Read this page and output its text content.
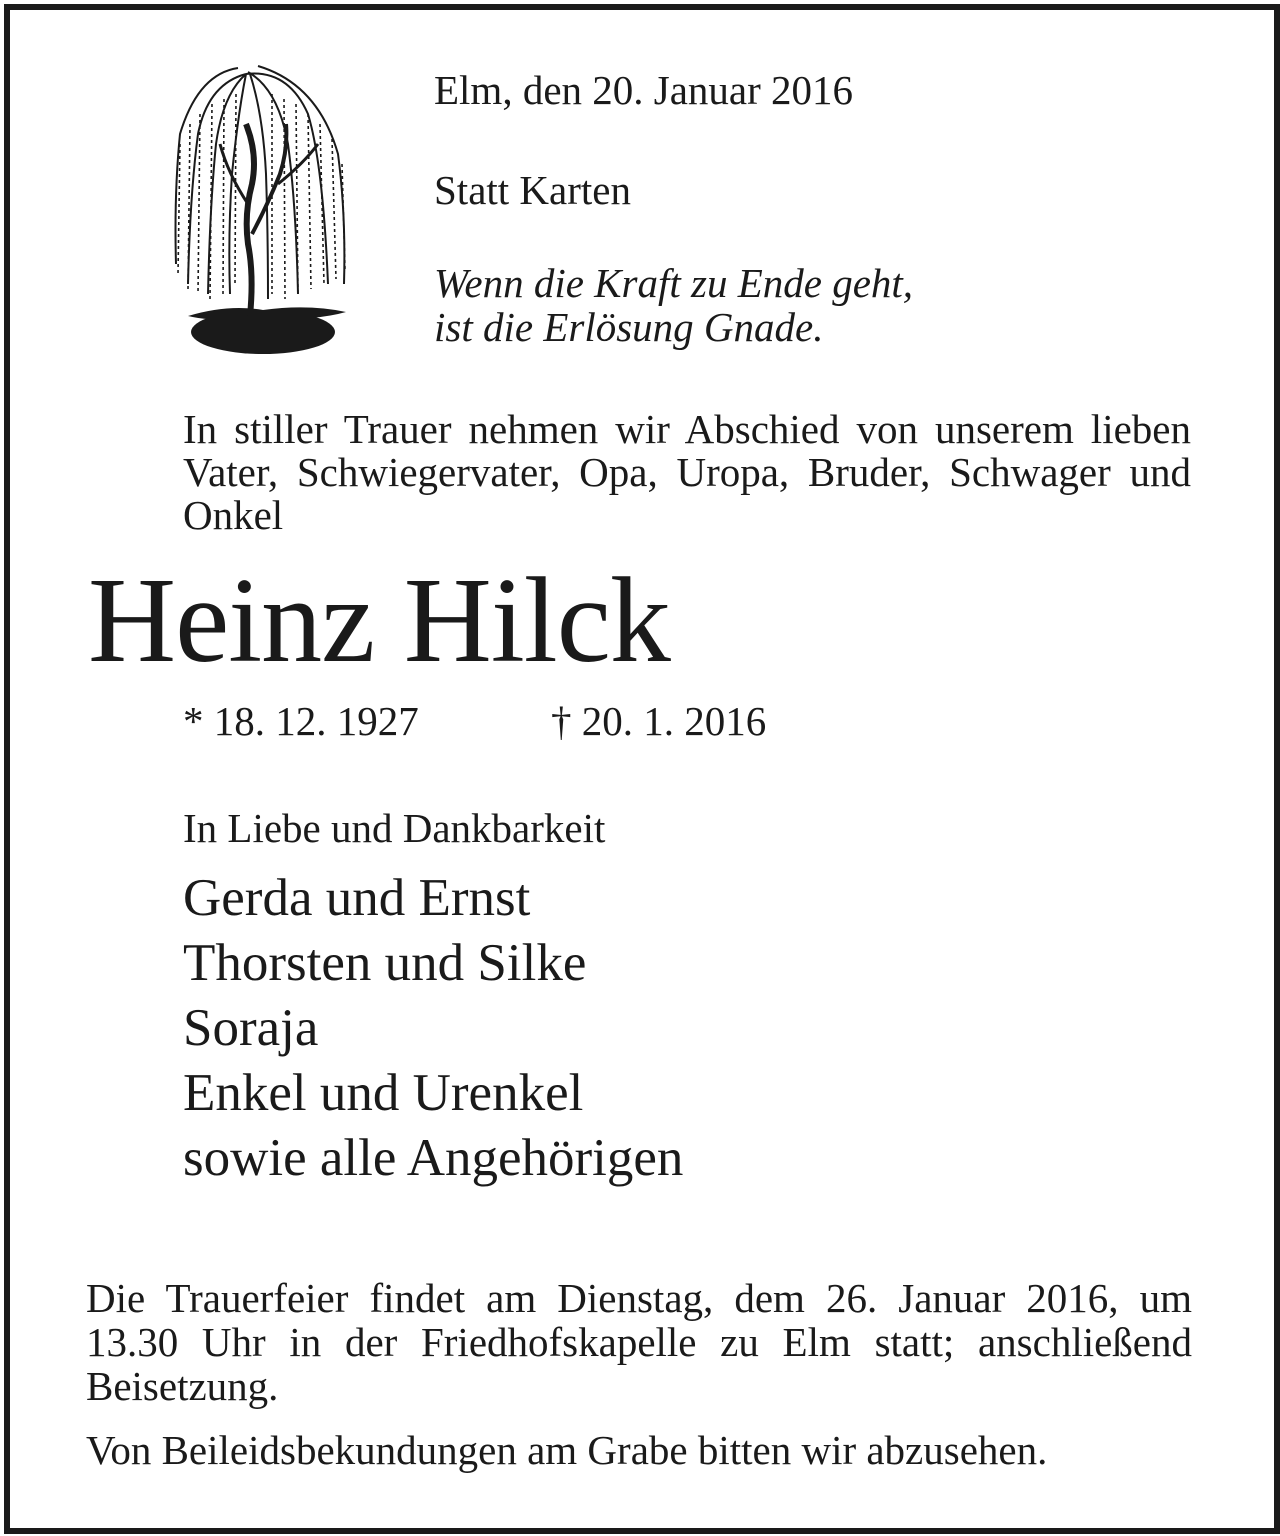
Elm, den 20. Januar 2016

Statt Karten

Wenn die Kraft zu Ende geht,
ist die Erlösung Gnade.

In stiller Trauer nehmen wir Abschied von unserem lieben Vater, Schwiegervater, Opa, Uropa, Bruder, Schwager und Onkel

Heinz Hilck

* 18. 12. 1927	† 20. 1. 2016

In Liebe und Dankbarkeit

Gerda und Ernst
Thorsten und Silke
Soraja
Enkel und Urenkel
sowie alle Angehörigen

Die Trauerfeier findet am Dienstag, dem 26. Januar 2016, um 13.30 Uhr in der Friedhofskapelle zu Elm statt; anschließend Beisetzung.

Von Beileidsbekundungen am Grabe bitten wir abzusehen.
